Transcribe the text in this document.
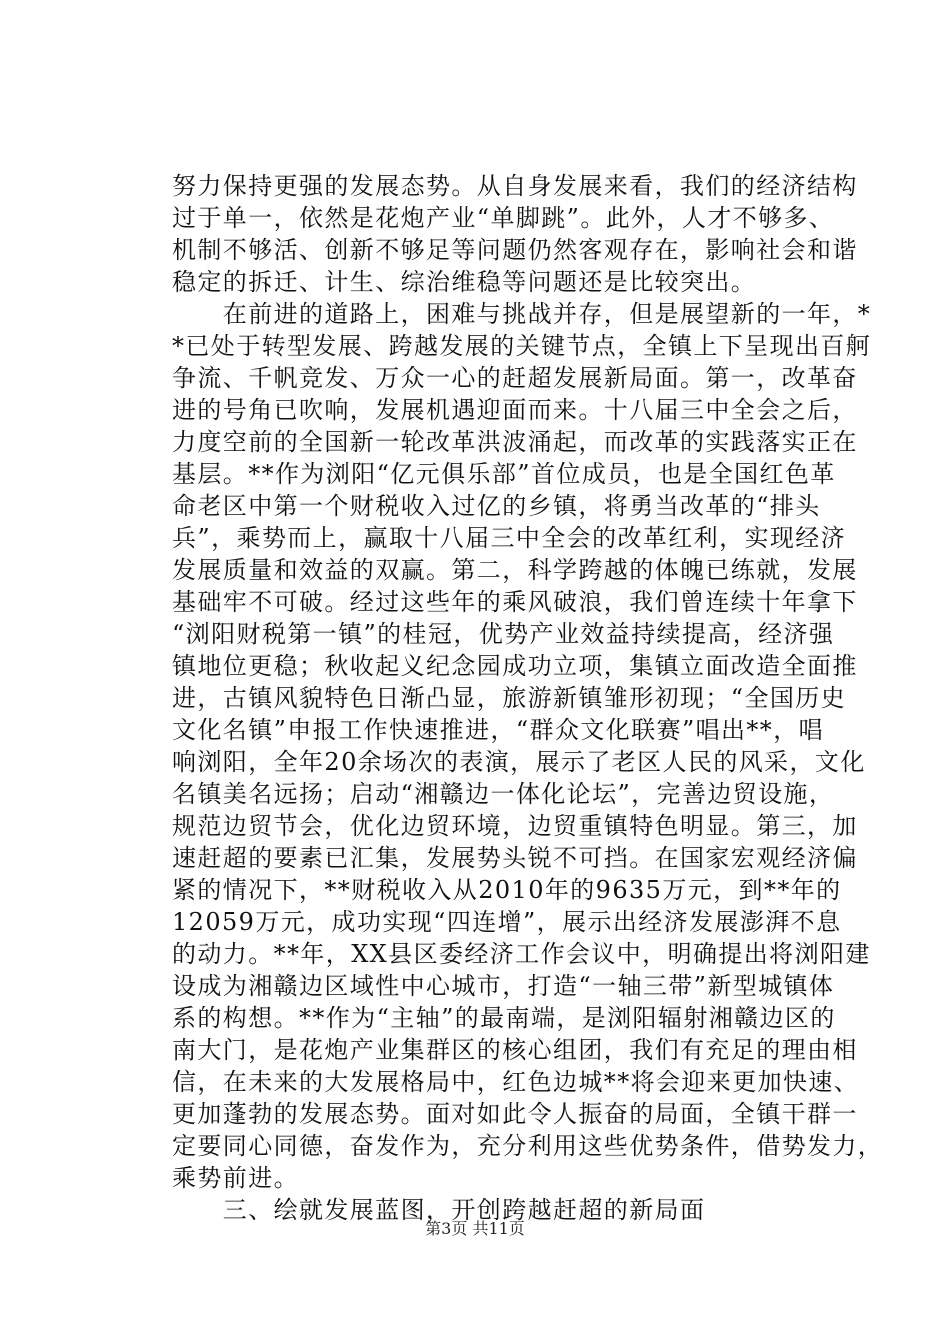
努力保持更强的发展态势。从自身发展来看，我们的经济结构
过于单一，依然是花炮产业“单脚跳”。此外，人才不够多、
机制不够活、创新不够足等问题仍然客观存在，影响社会和谐
稳定的拆迁、计生、综治维稳等问题还是比较突出。
　　在前进的道路上，困难与挑战并存，但是展望新的一年，*
*已处于转型发展、跨越发展的关键节点，全镇上下呈现出百舸
争流、千帆竞发、万众一心的赶超发展新局面。第一，改革奋
进的号角已吹响，发展机遇迎面而来。十八届三中全会之后，
力度空前的全国新一轮改革洪波涌起，而改革的实践落实正在
基层。**作为浏阳“亿元俱乐部”首位成员，也是全国红色革
命老区中第一个财税收入过亿的乡镇，将勇当改革的“排头
兵”，乘势而上，赢取十八届三中全会的改革红利，实现经济
发展质量和效益的双赢。第二，科学跨越的体魄已练就，发展
基础牢不可破。经过这些年的乘风破浪，我们曾连续十年拿下
“浏阳财税第一镇”的桂冠，优势产业效益持续提高，经济强
镇地位更稳；秋收起义纪念园成功立项，集镇立面改造全面推
进，古镇风貌特色日渐凸显，旅游新镇雏形初现；“全国历史
文化名镇”申报工作快速推进，“群众文化联赛”唱出**，唱
响浏阳，全年20余场次的表演，展示了老区人民的风采，文化
名镇美名远扬；启动“湘赣边一体化论坛”，完善边贸设施，
规范边贸节会，优化边贸环境，边贸重镇特色明显。第三，加
速赶超的要素已汇集，发展势头锐不可挡。在国家宏观经济偏
紧的情况下，**财税收入从2010年的9635万元，到**年的
12059万元，成功实现“四连增”，展示出经济发展澎湃不息
的动力。**年，XX县区委经济工作会议中，明确提出将浏阳建
设成为湘赣边区域性中心城市，打造“一轴三带”新型城镇体
系的构想。**作为“主轴”的最南端，是浏阳辐射湘赣边区的
南大门，是花炮产业集群区的核心组团，我们有充足的理由相
信，在未来的大发展格局中，红色边城**将会迎来更加快速、
更加蓬勃的发展态势。面对如此令人振奋的局面，全镇干群一
定要同心同德，奋发作为，充分利用这些优势条件，借势发力，
乘势前进。
　　三、绘就发展蓝图，开创跨越赶超的新局面
第3页 共11页
